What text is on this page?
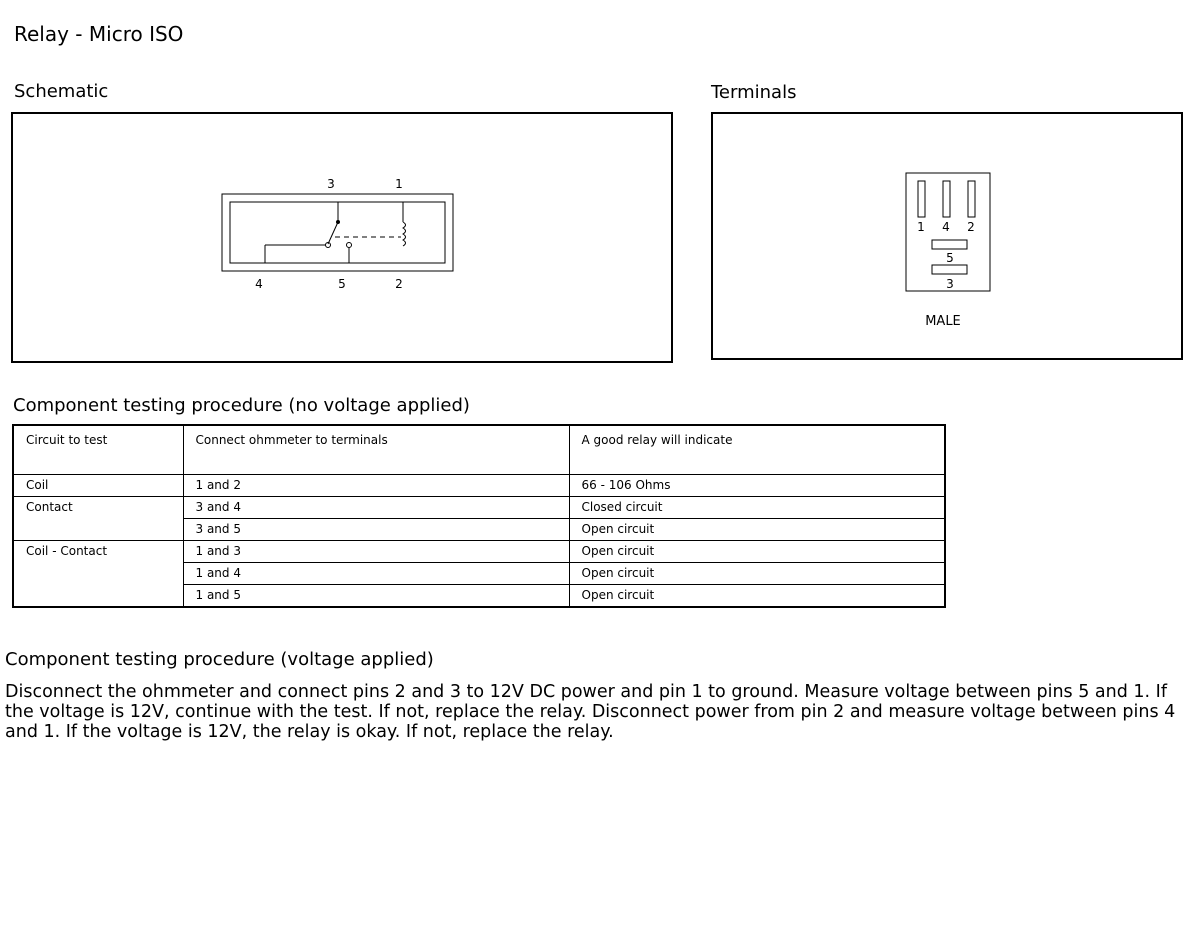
Relay - Micro ISO
Schematic
3	1
4	5	2
Terminals
1 4 2
5
3
MALE
Component testing procedure (no voltage applied)
Circuit to test	Connect ohmmeter to terminals	A good relay will indicate
Coil	1 and 2	66 - 106 Ohms
Contact	3 and 4	Closed circuit
	3 and 5	Open circuit
Coil - Contact	1 and 3	Open circuit
	1 and 4	Open circuit
	1 and 5	Open circuit
Component testing procedure (voltage applied)
Disconnect the ohmmeter and connect pins 2 and 3 to 12V DC power and pin 1 to ground. Measure voltage between pins 5 and 1. If the voltage is 12V, continue with the test. If not, replace the relay. Disconnect power from pin 2 and measure voltage between pins 4 and 1. If the voltage is 12V, the relay is okay. If not, replace the relay.
